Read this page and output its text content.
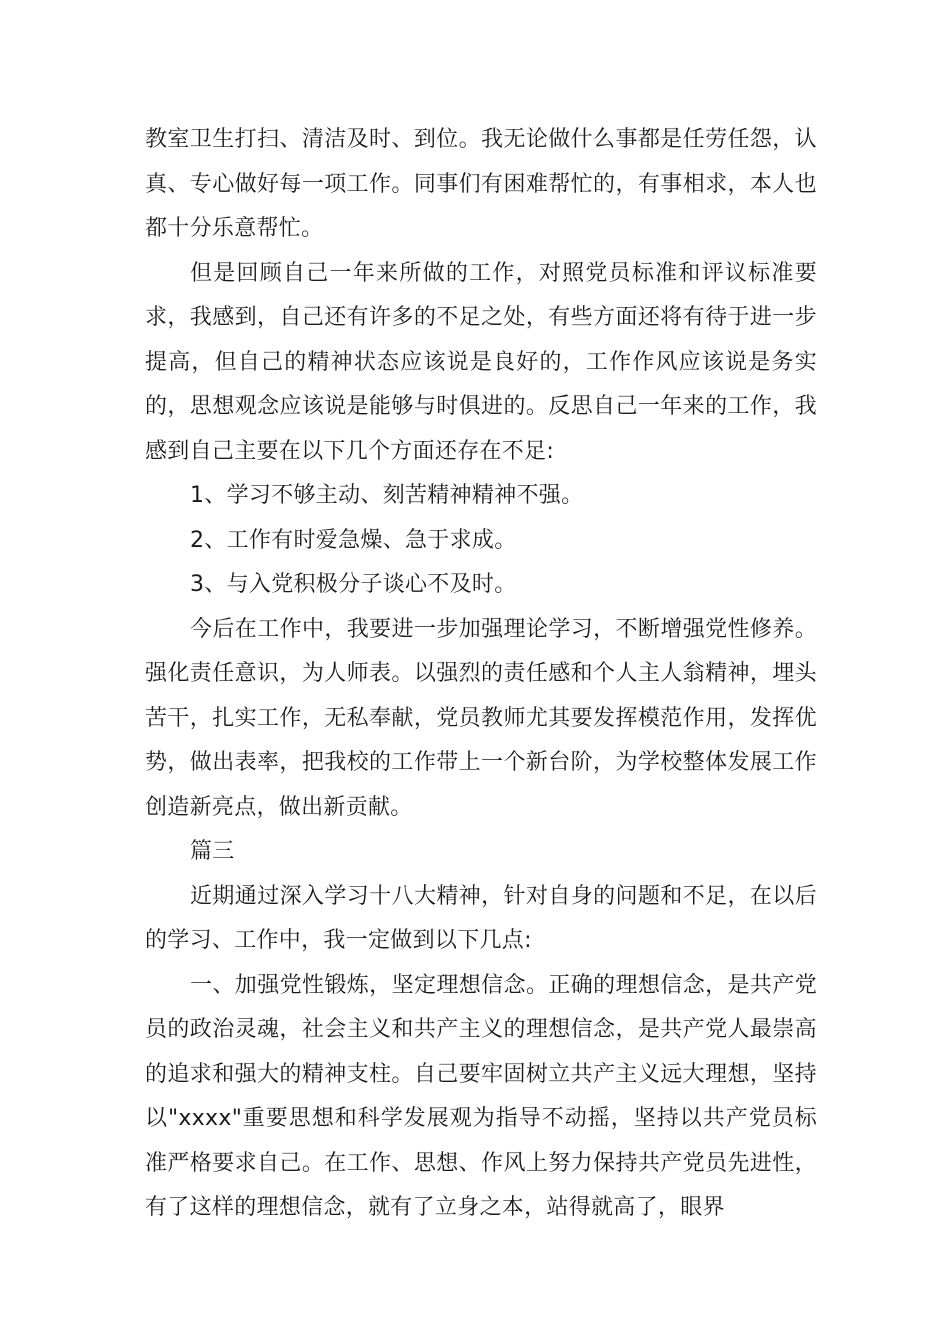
教室卫生打扫、清洁及时、到位。我无论做什么事都是任劳任怨，认真、专心做好每一项工作。同事们有困难帮忙的，有事相求，本人也都十分乐意帮忙。

但是回顾自己一年来所做的工作，对照党员标准和评议标准要求，我感到，自己还有许多的不足之处，有些方面还将有待于进一步提高，但自己的精神状态应该说是良好的，工作作风应该说是务实的，思想观念应该说是能够与时俱进的。反思自己一年来的工作，我感到自己主要在以下几个方面还存在不足:

1、学习不够主动、刻苦精神精神不强。

2、工作有时爱急燥、急于求成。

3、与入党积极分子谈心不及时。

今后在工作中，我要进一步加强理论学习，不断增强党性修养。强化责任意识，为人师表。以强烈的责任感和个人主人翁精神，埋头苦干，扎实工作，无私奉献，党员教师尤其要发挥模范作用，发挥优势，做出表率，把我校的工作带上一个新台阶，为学校整体发展工作创造新亮点，做出新贡献。

篇三

近期通过深入学习十八大精神，针对自身的问题和不足，在以后的学习、工作中，我一定做到以下几点:

一、加强党性锻炼，坚定理想信念。正确的理想信念，是共产党员的政治灵魂，社会主义和共产主义的理想信念，是共产党人最崇高的追求和强大的精神支柱。自己要牢固树立共产主义远大理想，坚持以"xxxx"重要思想和科学发展观为指导不动摇，坚持以共产党员标准严格要求自己。在工作、思想、作风上努力保持共产党员先进性，有了这样的理想信念，就有了立身之本，站得就高了，眼界
